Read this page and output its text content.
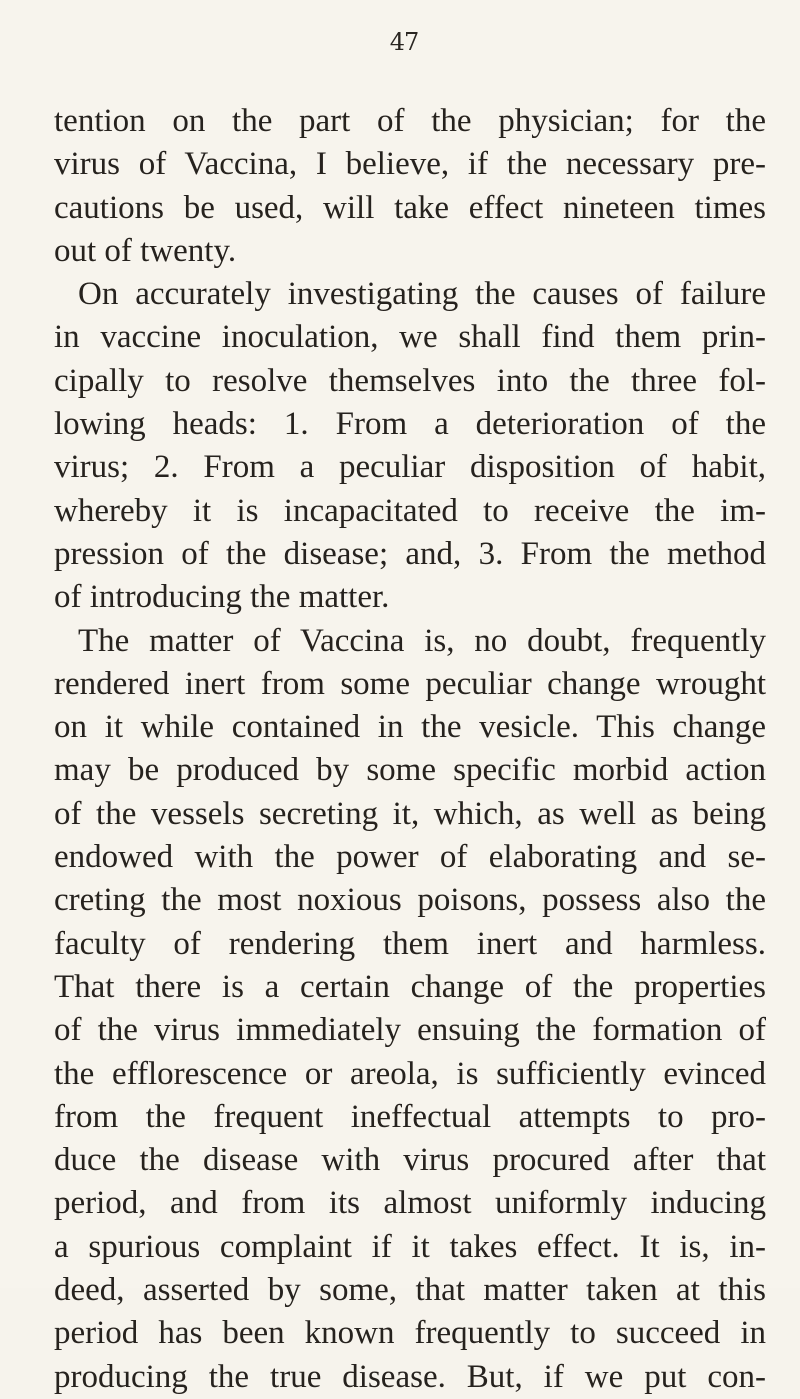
47
tention on the part of the physician; for the
virus of Vaccina, I believe, if the necessary pre-
cautions be used, will take effect nineteen times
out of twenty.
On accurately investigating the causes of failure
in vaccine inoculation, we shall find them prin-
cipally to resolve themselves into the three fol-
lowing heads: 1. From a deterioration of the
virus; 2. From a peculiar disposition of habit,
whereby it is incapacitated to receive the im-
pression of the disease; and, 3. From the method
of introducing the matter.
The matter of Vaccina is, no doubt, frequently
rendered inert from some peculiar change wrought
on it while contained in the vesicle. This change
may be produced by some specific morbid action
of the vessels secreting it, which, as well as being
endowed with the power of elaborating and se-
creting the most noxious poisons, possess also the
faculty of rendering them inert and harmless.
That there is a certain change of the properties
of the virus immediately ensuing the formation of
the efflorescence or areola, is sufficiently evinced
from the frequent ineffectual attempts to pro-
duce the disease with virus procured after that
period, and from its almost uniformly inducing
a spurious complaint if it takes effect. It is, in-
deed, asserted by some, that matter taken at this
period has been known frequently to succeed in
producing the true disease. But, if we put con-
